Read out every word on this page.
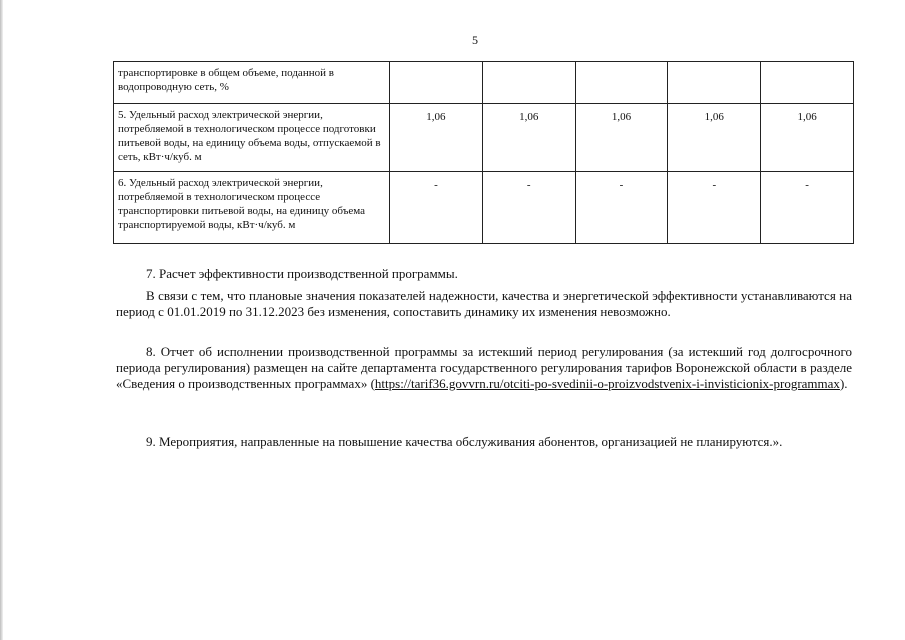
5
транспортировке в общем объеме, поданной в водопроводную сеть, %					
5. Удельный расход электрической энергии, потребляемой в технологическом процессе подготовки питьевой воды, на единицу объема воды, отпускаемой в сеть, кВт·ч/куб. м	1,06	1,06	1,06	1,06	1,06
6. Удельный расход электрической энергии, потребляемой в технологическом процессе транспортировки питьевой воды, на единицу объема транспортируемой воды, кВт·ч/куб. м	-	-	-	-	-

7. Расчет эффективности производственной программы.

В связи с тем, что плановые значения показателей надежности, качества и энергетической эффективности устанавливаются на период с 01.01.2019 по 31.12.2023 без изменения, сопоставить динамику их изменения невозможно.

8. Отчет об исполнении производственной программы за истекший период регулирования (за истекший год долгосрочного периода регулирования) размещен на сайте департамента государственного регулирования тарифов Воронежской области в разделе «Сведения о производственных программах» (https://tarif36.govvrn.ru/otciti-po-svedinii-o-proizvodstvenix-i-invisticionix-programmax).

9. Мероприятия, направленные на повышение качества обслуживания абонентов, организацией не планируются.».
